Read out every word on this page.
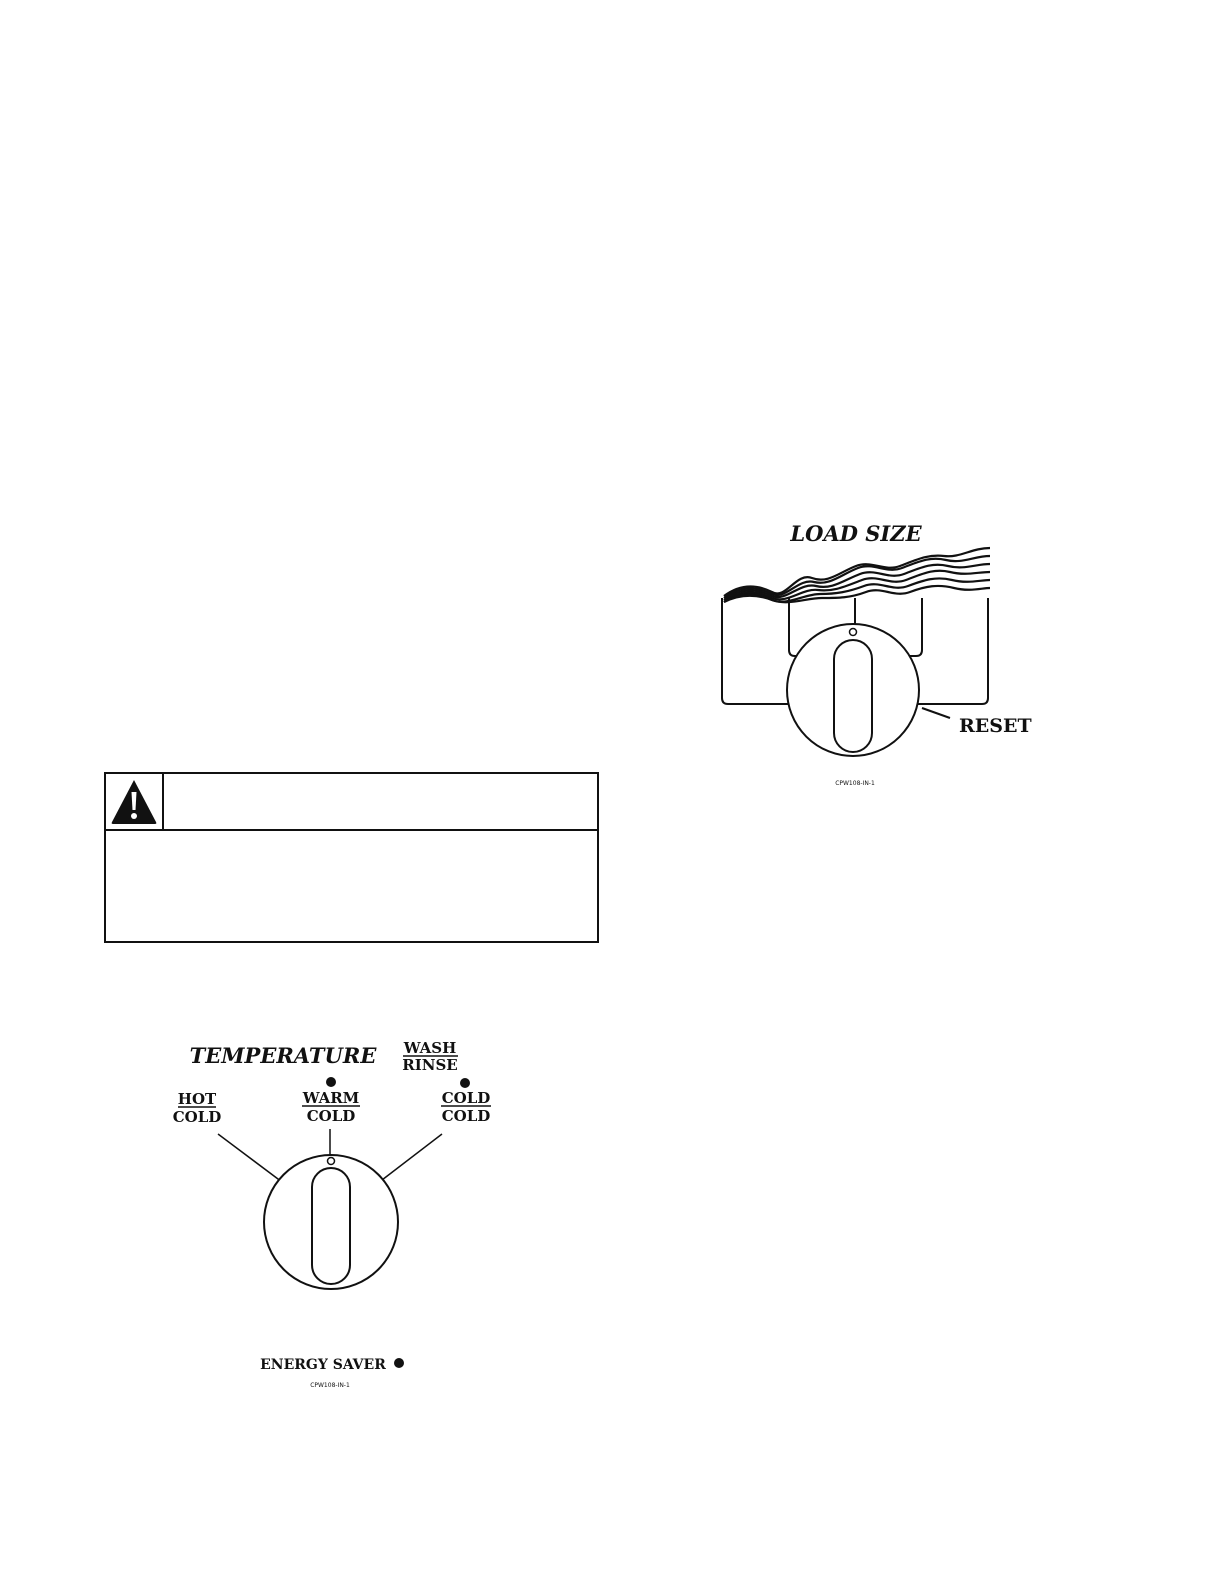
LOAD SIZE
RESET
CPW108-IN-1
TEMPERATURE WASH
RINSE
HOT
COLD
WARM
COLD
COLD
COLD
ENERGY SAVER
CPW108-IN-1
